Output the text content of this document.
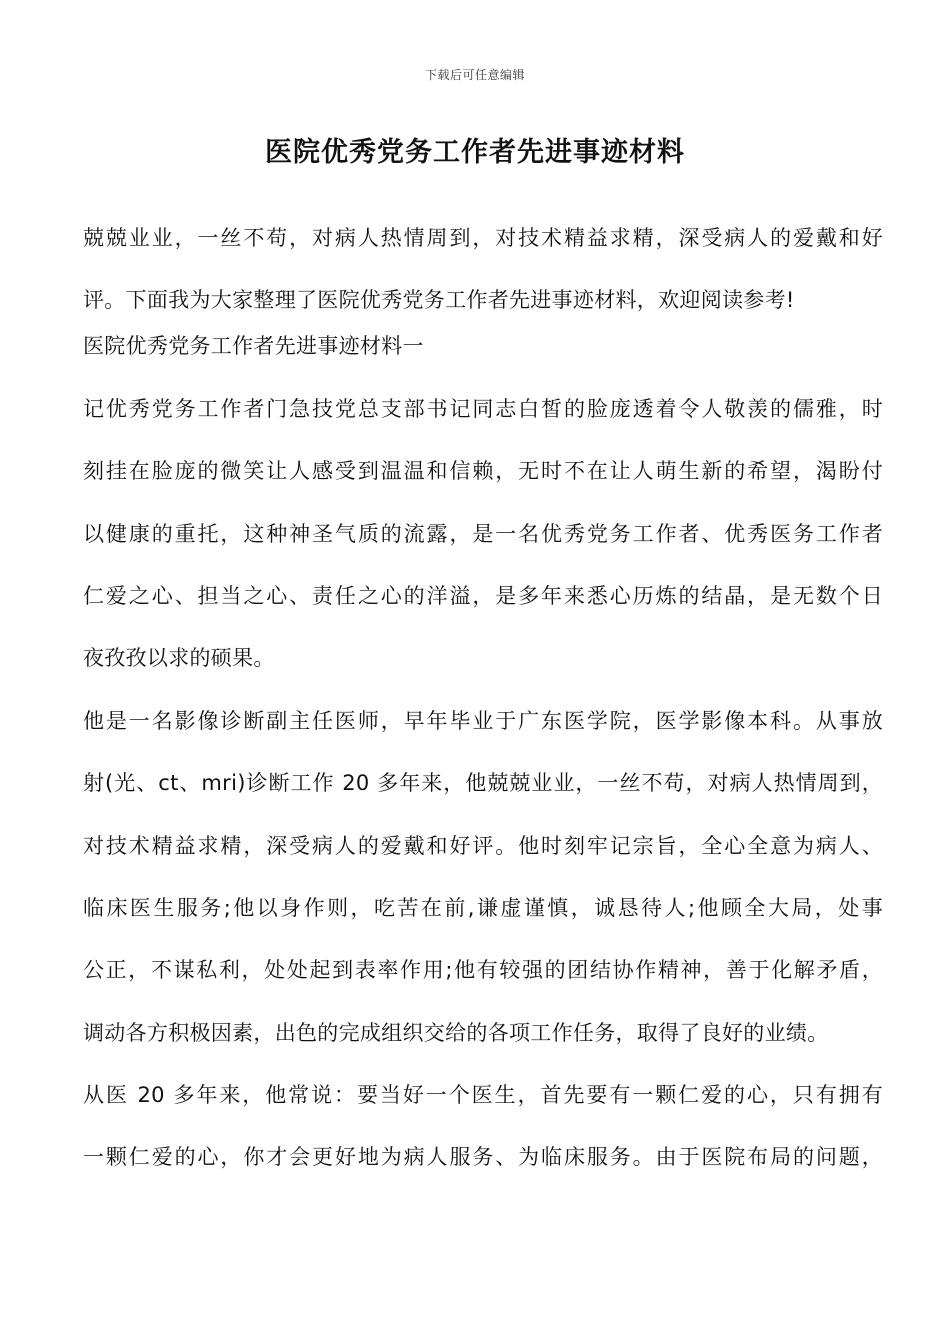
下载后可任意编辑
医院优秀党务工作者先进事迹材料
兢兢业业，一丝不苟，对病人热情周到，对技术精益求精，深受病人的爱戴和好
评。下面我为大家整理了医院优秀党务工作者先进事迹材料，欢迎阅读参考!
医院优秀党务工作者先进事迹材料一
记优秀党务工作者门急技党总支部书记同志白皙的脸庞透着令人敬羡的儒雅，时
刻挂在脸庞的微笑让人感受到温温和信赖，无时不在让人萌生新的希望，渴盼付
以健康的重托，这种神圣气质的流露，是一名优秀党务工作者、优秀医务工作者
仁爱之心、担当之心、责任之心的洋溢，是多年来悉心历炼的结晶，是无数个日
夜孜孜以求的硕果。
他是一名影像诊断副主任医师，早年毕业于广东医学院，医学影像本科。从事放
射(光、ct、mri)诊断工作 20 多年来，他兢兢业业，一丝不苟，对病人热情周到，
对技术精益求精，深受病人的爱戴和好评。他时刻牢记宗旨，全心全意为病人、
临床医生服务;他以身作则，吃苦在前,谦虚谨慎，诚恳待人;他顾全大局，处事
公正，不谋私利，处处起到表率作用;他有较强的团结协作精神，善于化解矛盾，
调动各方积极因素，出色的完成组织交给的各项工作任务，取得了良好的业绩。
从医 20 多年来，他常说：要当好一个医生，首先要有一颗仁爱的心，只有拥有
一颗仁爱的心，你才会更好地为病人服务、为临床服务。由于医院布局的问题，
